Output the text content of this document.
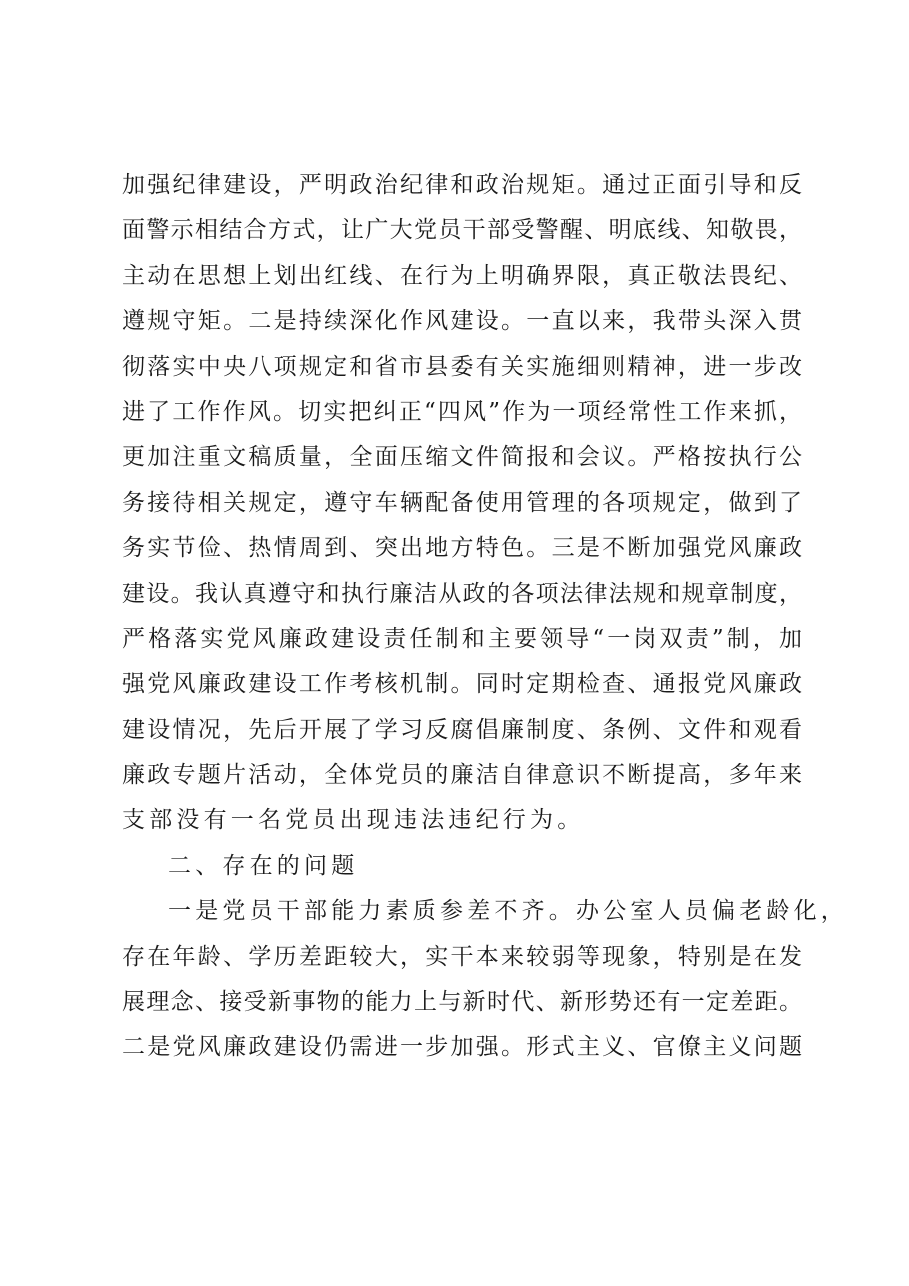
加强纪律建设，严明政治纪律和政治规矩。通过正面引导和反
面警示相结合方式，让广大党员干部受警醒、明底线、知敬畏，
主动在思想上划出红线、在行为上明确界限，真正敬法畏纪、
遵规守矩。二是持续深化作风建设。一直以来，我带头深入贯
彻落实中央八项规定和省市县委有关实施细则精神，进一步改
进了工作作风。切实把纠正“四风”作为一项经常性工作来抓，
更加注重文稿质量，全面压缩文件简报和会议。严格按执行公
务接待相关规定，遵守车辆配备使用管理的各项规定，做到了
务实节俭、热情周到、突出地方特色。三是不断加强党风廉政
建设。我认真遵守和执行廉洁从政的各项法律法规和规章制度，
严格落实党风廉政建设责任制和主要领导“一岗双责”制，加
强党风廉政建设工作考核机制。同时定期检查、通报党风廉政
建设情况，先后开展了学习反腐倡廉制度、条例、文件和观看
廉政专题片活动，全体党员的廉洁自律意识不断提高，多年来
支部没有一名党员出现违法违纪行为。
二、存在的问题
一是党员干部能力素质参差不齐。办公室人员偏老龄化，
存在年龄、学历差距较大，实干本来较弱等现象，特别是在发
展理念、接受新事物的能力上与新时代、新形势还有一定差距。
二是党风廉政建设仍需进一步加强。形式主义、官僚主义问题
